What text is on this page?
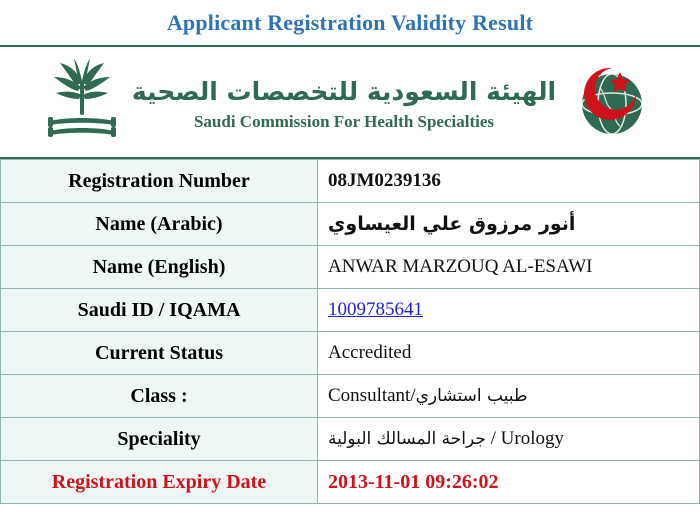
Applicant Registration Validity Result
الهيئة السعودية للتخصصات الصحية
Saudi Commission For Health Specialties
Registration Number	08JM0239136
Name (Arabic)	أنور مرزوق علي العيساوي
Name (English)	ANWAR MARZOUQ AL-ESAWI
Saudi ID / IQAMA	1009785641
Current Status	Accredited
Class :	Consultant/طبيب استشاري
Speciality	جراحة المسالك البولية / Urology
Registration Expiry Date	2013-11-01 09:26:02
